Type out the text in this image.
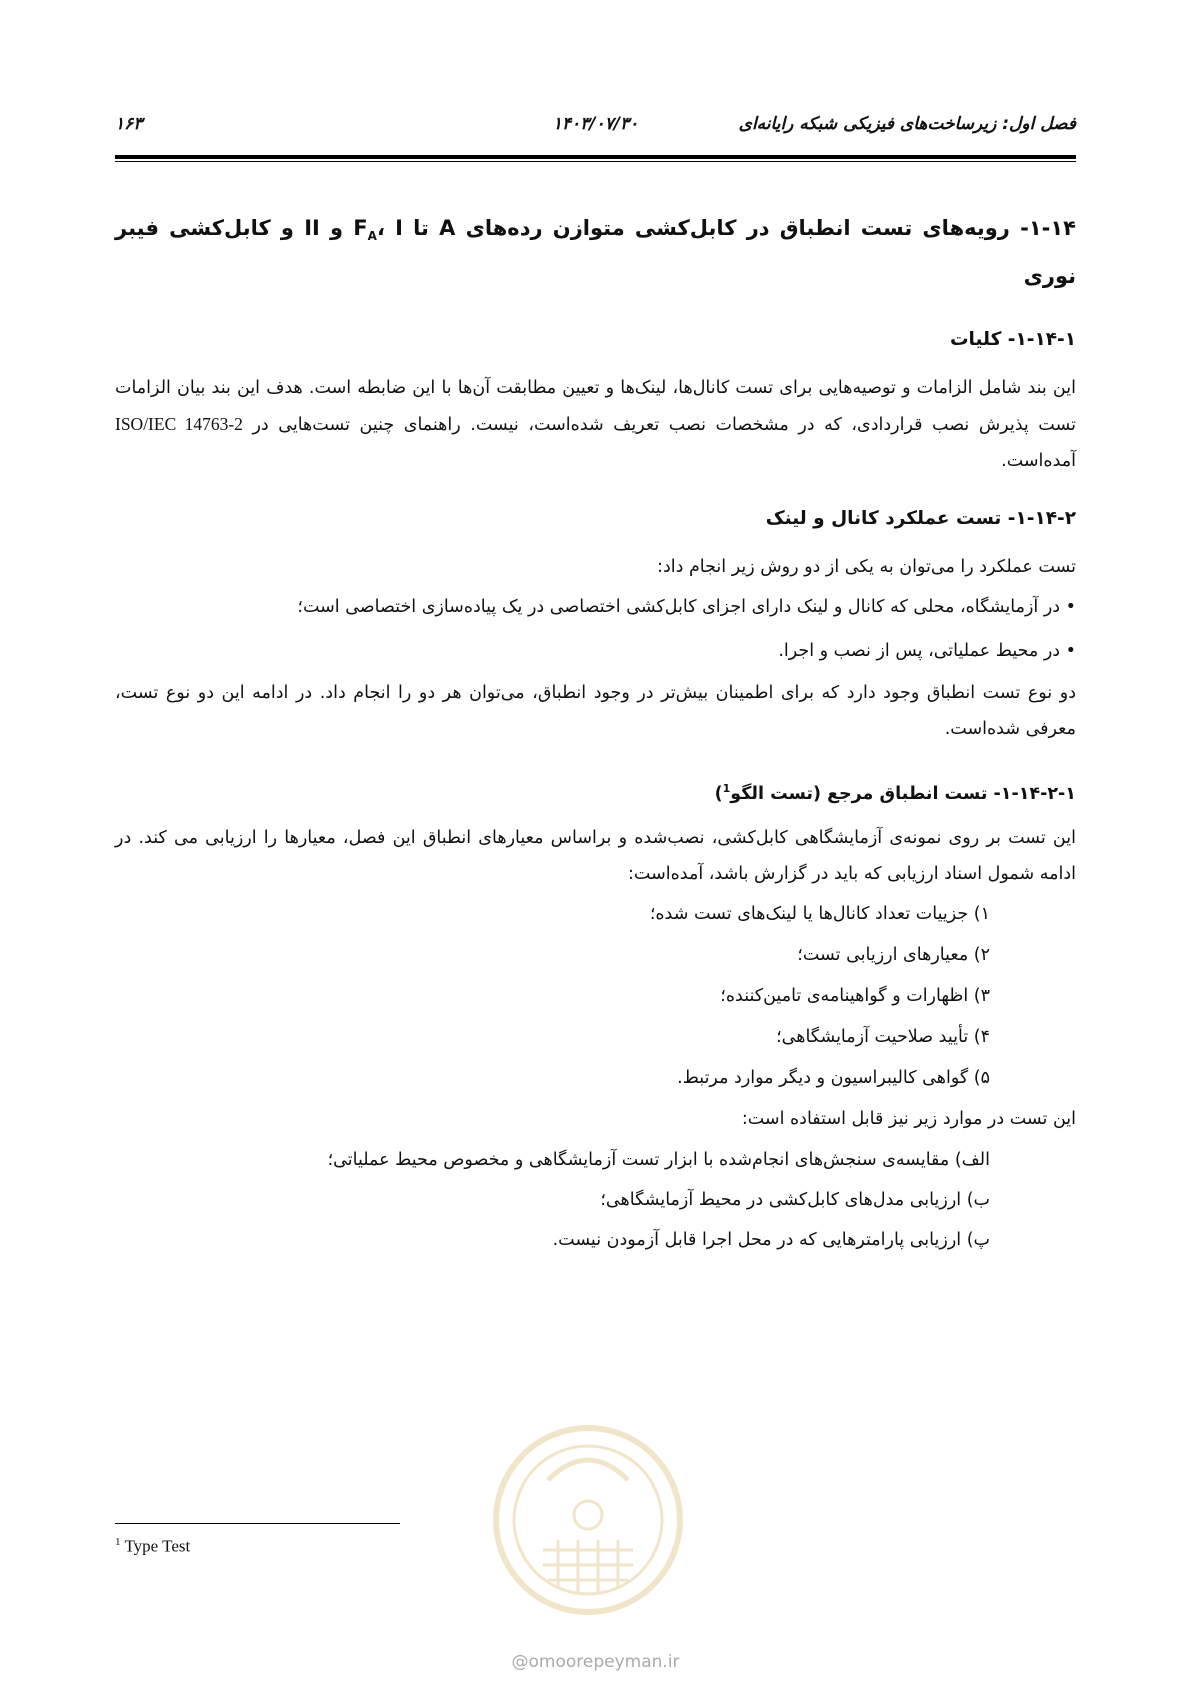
فصل اول: زیرساخت‌های فیزیکی شبکه رایانه‌ای
۱۴۰۳/۰۷/۳۰
۱۶۳
۱-۱۴- رویه‌های تست انطباق در کابل‌کشی متوازن رده‌های A تا $F_A،$ I و II و کابل‌کشی فیبر نوری
۱-۱۴-۱- کلیات
این بند شامل الزامات و توصیه‌هایی برای تست کانال‌ها، لینک‌ها و تعیین مطابقت آن‌ها با این ضابطه است. هدف این بند بیان الزامات تست پذیرش نصب قراردادی، که در مشخصات نصب تعریف شده‌است، نیست. راهنمای چنین تست‌هایی در ISO/IEC 14763-2 آمده‌است.
۱-۱۴-۲- تست عملکرد کانال و لینک
تست عملکرد را می‌توان به یکی از دو روش زیر انجام داد:
• در آزمایشگاه، محلی که کانال و لینک دارای اجزای کابل‌کشی اختصاصی در یک پیاده‌سازی اختصاصی است؛
• در محیط عملیاتی، پس از نصب و اجرا.
دو نوع تست انطباق وجود دارد که برای اطمینان بیش‌تر در وجود انطباق، می‌توان هر دو را انجام داد. در ادامه این دو نوع تست، معرفی شده‌است.
۱-۱۴-۲-۱- تست انطباق مرجع (تست الگو$^1$)
این تست بر روی نمونه‌ی آزمایشگاهی کابل‌کشی، نصب‌شده و براساس معیارهای انطباق این فصل، معیارها را ارزیابی می کند. در ادامه شمول اسناد ارزیابی که باید در گزارش باشد، آمده‌است:
۱) جزییات تعداد کانال‌ها یا لینک‌های تست شده؛
۲) معیارهای ارزیابی تست؛
۳) اظهارات و گواهینامه‌ی تامین‌کننده؛
۴) تأیید صلاحیت آزمایشگاهی؛
۵) گواهی کالیبراسیون و دیگر موارد مرتبط.
این تست در موارد زیر نیز قابل استفاده است:
الف) مقایسه‌ی سنجش‌های انجام‌شده با ابزار تست آزمایشگاهی و مخصوص محیط عملیاتی؛
ب) ارزیابی مدل‌های کابل‌کشی در محیط آزمایشگاهی؛
پ) ارزیابی پارامترهایی که در محل اجرا قابل آزمودن نیست.
$^1$ Type Test
@omoorepeyman.ir
